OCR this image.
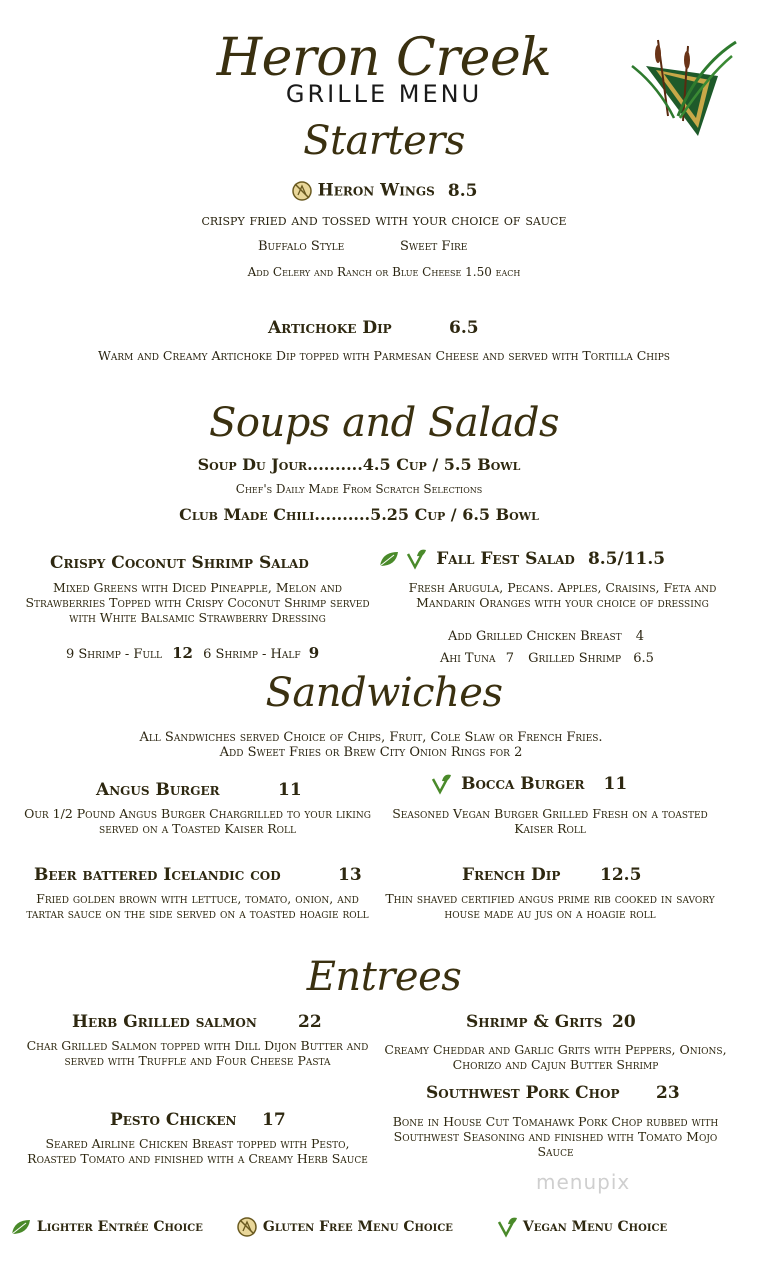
Heron Creek
GRILLE MENU
Starters
Heron Wings 8.5
crispy fried and tossed with your choice of sauce
Buffalo Style	Sweet Fire
Add Celery and Ranch or Blue Cheese 1.50 each
Artichoke Dip	6.5
Warm and Creamy Artichoke Dip topped with Parmesan Cheese and served with Tortilla Chips
Soups and Salads
Soup Du Jour..........4.5 Cup / 5.5 Bowl
Chef's Daily Made From Scratch Selections
Club Made Chili..........5.25 Cup / 6.5 Bowl
Crispy Coconut Shrimp Salad
Mixed Greens with Diced Pineapple, Melon and Strawberries Topped with Crispy Coconut Shrimp served with White Balsamic Strawberry Dressing
9 Shrimp - Full 12 6 Shrimp - Half 9
Fall Fest Salad 8.5/11.5
Fresh Arugula, Pecans. Apples, Craisins, Feta and Mandarin Oranges with your choice of dressing
Add Grilled Chicken Breast 4
Ahi Tuna 7 Grilled Shrimp 6.5
Sandwiches
All Sandwiches served Choice of Chips, Fruit, Cole Slaw or French Fries.
Add Sweet Fries or Brew City Onion Rings for 2
Angus Burger	11
Our 1/2 Pound Angus Burger Chargrilled to your liking served on a Toasted Kaiser Roll
Bocca Burger 11
Seasoned Vegan Burger Grilled Fresh on a toasted Kaiser Roll
Beer battered Icelandic cod	13
Fried golden brown with lettuce, tomato, onion, and tartar sauce on the side served on a toasted hoagie roll
French Dip 12.5
Thin shaved certified angus prime rib cooked in savory house made au jus on a hoagie roll
Entrees
Herb Grilled salmon 22
Char Grilled Salmon topped with Dill Dijon Butter and served with Truffle and Four Cheese Pasta
Shrimp & Grits 20
Creamy Cheddar and Garlic Grits with Peppers, Onions, Chorizo and Cajun Butter Shrimp
Southwest Pork Chop 23
Bone in House Cut Tomahawk Pork Chop rubbed with Southwest Seasoning and finished with Tomato Mojo Sauce
Pesto Chicken 17
Seared Airline Chicken Breast topped with Pesto, Roasted Tomato and finished with a Creamy Herb Sauce
menupix
Lighter Entrée Choice	Gluten Free Menu Choice	Vegan Menu Choice
